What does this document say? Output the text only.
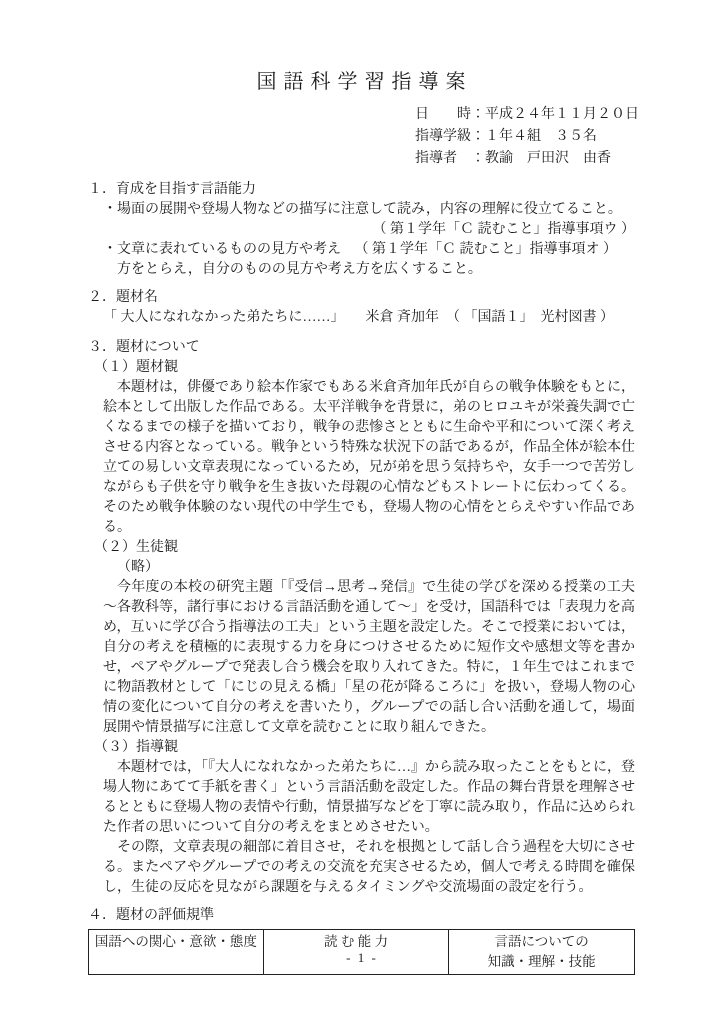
国 語 科 学 習 指 導 案
日　　時：平成２４年１１月２０日
指導学級：１年４組　３５名
指導者　：教諭　戸田沢　由香
１．育成を目指す言語能力
・場面の展開や登場人物などの描写に注意して読み，内容の理解に役立てること。
（ 第１学年「Ｃ 読むこと」指導事項ウ ）
（ 第１学年「Ｃ 読むこと」指導事項オ ）
・文章に表れているものの見方や考え方をとらえ，自分のものの見方や考え方を広くすること。
２．題材名
「 大人になれなかった弟たちに……」　　米倉 斉加年　（ 「国語１」　光村図書 ）
３．題材について
（１）題材観
本題材は，俳優であり絵本作家でもある米倉斉加年氏が自らの戦争体験をもとに，絵本として出版した作品である。太平洋戦争を背景に，弟のヒロユキが栄養失調で亡くなるまでの様子を描いており，戦争の悲惨さとともに生命や平和について深く考えさせる内容となっている。戦争という特殊な状況下の話であるが，作品全体が絵本仕立ての易しい文章表現になっているため，兄が弟を思う気持ちや，女手一つで苦労しながらも子供を守り戦争を生き抜いた母親の心情などもストレートに伝わってくる。そのため戦争体験のない現代の中学生でも，登場人物の心情をとらえやすい作品である。
（２）生徒観
（略）
今年度の本校の研究主題「『受信→思考→発信』で生徒の学びを深める授業の工夫～各教科等，諸行事における言語活動を通して～」を受け，国語科では「表現力を高め，互いに学び合う指導法の工夫」という主題を設定した。そこで授業においては，自分の考えを積極的に表現する力を身につけさせるために短作文や感想文等を書かせ，ペアやグループで発表し合う機会を取り入れてきた。特に，１年生ではこれまでに物語教材として「にじの見える橋」「星の花が降るころに」を扱い，登場人物の心情の変化について自分の考えを書いたり，グループでの話し合い活動を通して，場面展開や情景描写に注意して文章を読むことに取り組んできた。
（３）指導観
本題材では，「『大人になれなかった弟たちに…』から読み取ったことをもとに，登場人物にあてて手紙を書く」という言語活動を設定した。作品の舞台背景を理解させるとともに登場人物の表情や行動，情景描写などを丁寧に読み取り，作品に込められた作者の思いについて自分の考えをまとめさせたい。
その際，文章表現の細部に着目させ，それを根拠として話し合う過程を大切にさせる。またペアやグループでの考えの交流を充実させるため，個人で考える時間を確保し，生徒の反応を見ながら課題を与えるタイミングや交流場面の設定を行う。
４．題材の評価規準
国語への関心・意欲・態度	読 む 能 力	言語についての
知識・理解・技能
- 1 -
